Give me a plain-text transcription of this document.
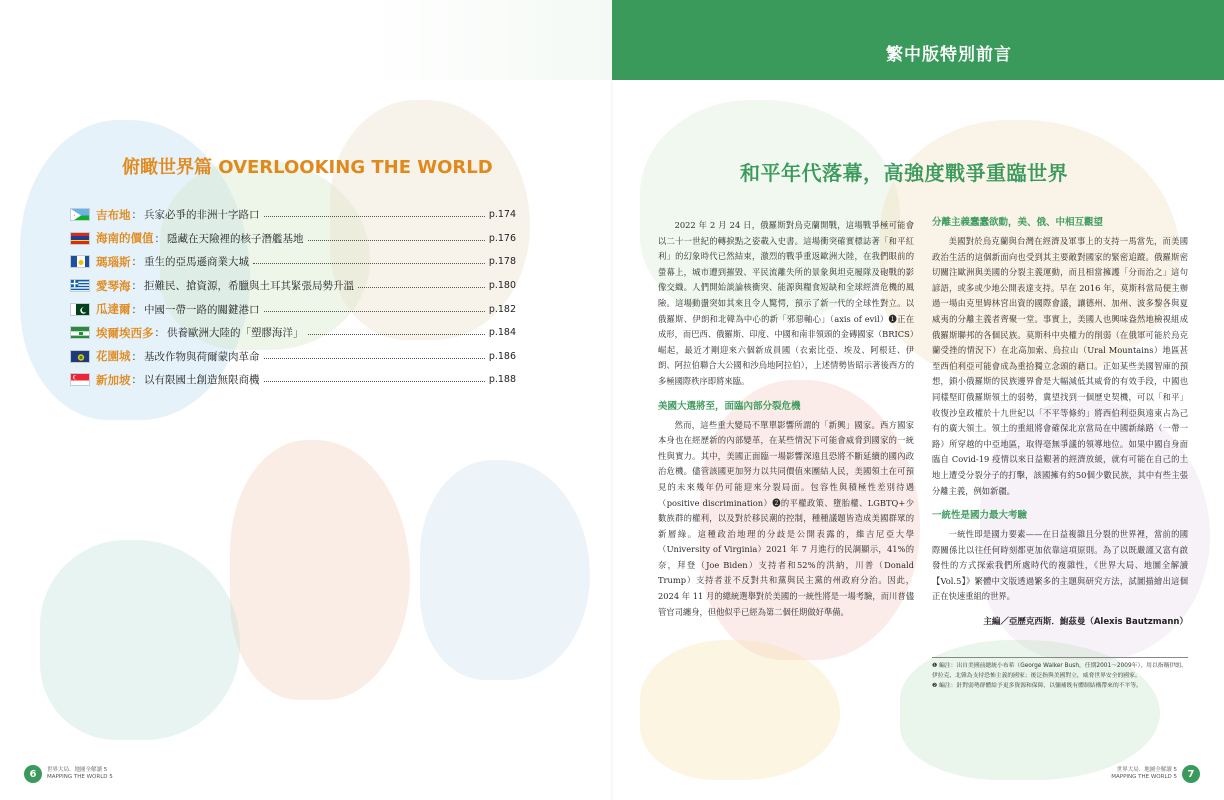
繁中版特別前言
俯瞰世界篇 OVERLOOKING THE WORLD
吉布地 ： 兵家必爭的非洲十字路口	p.174
海南的價值 ： 隱藏在天險裡的核子潛艦基地	p.176
瑪瑙斯 ： 重生的亞馬遜商業大城	p.178
愛琴海 ： 拒難民、搶資源，希臘與土耳其緊張局勢升溫	p.180
瓜達爾 ： 中國一帶一路的關鍵港口	p.182
埃爾埃西多 ： 供養歐洲大陸的「塑膠海洋」	p.184
花園城 ： 基改作物與荷爾蒙肉革命	p.186
新加坡 ： 以有限國土創造無限商機	p.188
6	世界大局．地圖全解讀 5
MAPPING THE WORLD 5
和平年代落幕，高強度戰爭重臨世界

2022 年 2 月 24 日，俄羅斯對烏克蘭開戰，這場戰爭極可能會以二十一世紀的轉捩點之姿載入史書。這場衝突確實標誌著「和平紅利」的幻象時代已然結束，激烈的戰爭重返歐洲大陸，在我們眼前的螢幕上，城市遭到摧毀、平民流離失所的景象與坦克履隊及砲戰的影像交織。人們開始談論核衝突、能源與糧食短缺和全球經濟危機的風險。這場動盪突如其來且令人驚愕，預示了新一代的全球性對立。以俄羅斯、伊朗和北韓為中心的新「邪惡軸心」（axis of evil）❶正在成形，而巴西、俄羅斯、印度、中國和南非領頭的金磚國家（BRICS）崛起，最近才剛迎來六個新成員國（衣索比亞、埃及、阿根廷、伊朗、阿拉伯聯合大公國和沙烏地阿拉伯），上述情勢皆昭示著後西方的多極國際秩序即將來臨。

美國大選將至，面臨內部分裂危機

然而，這些重大變局不單單影響所謂的「新興」國家。西方國家本身也在經歷新的內部變革，在某些情況下可能會威脅到國家的一統性與實力。其中，美國正面臨一場影響深遠且恐將不斷延續的國內政治危機。儘管該國更加努力以共同價值來團結人民，美國領土在可預見的未來幾年仍可能迎來分裂局面。包容性與積極性差別待遇（positive discrimination）❷的平權政策、墮胎權、LGBTQ+少數族群的權利，以及對於移民潮的控制，種種議題皆造成美國群眾的新層綠。這種政治地理的分歧是公開表露的，維吉尼亞大學（University of Virginia）2021 年 7 月進行的民調顯示，41%的奈，拜登（Joe Biden）支持者和52%的洪納，川普（Donald Trump）支持者並不反對共和黨與民主黨的州政府分治。因此，2024 年 11 月的總統選舉對於美國的一統性將是一場考驗，而川普儘管官司纏身，但他似乎已經為第二個任期做好準備。

分離主義蠢蠢欲動，美、俄、中相互觀望

美國對於烏克蘭與台灣在經濟及軍事上的支持一馬當先，而美國政治生活的這個新面向也受到其主要敵對國家的緊密追蹤。俄羅斯密切關注歐洲與美國的分裂主義運動，而且相當擁護「分而治之」這句諺語，或多或少地公開表達支持。早在 2016 年，莫斯科當局便主辦過一場由克里姆林宮出資的國際會議，讓德州、加州、波多黎各與夏威夷的分離主義者齊聚一堂。事實上，美國人也興味盎然地檢視組成俄羅斯聯邦的各個民族。莫斯科中央權力的削弱（在俄軍可能於烏克蘭受挫的情況下）在北高加索、烏拉山（Ural Mountains）地區甚至西伯利亞可能會成為重拾獨立念頭的藉口。正如某些美國智庫的預想，鎖小俄羅斯的民族邊界會是大幅減低其威脅的有效手段，中國也同樣堅盯俄羅斯領土的弱勢，冀望找到一個歷史契機，可以「和平」收復沙皇政權於十九世紀以「不平等條約」將西伯利亞與遠東占為己有的廣大領土。領土的重組將會確保北京當局在中國新絲路（一帶一路）所穿越的中亞地區，取得毫無爭議的領導地位。如果中國自身面臨自 Covid-19 疫情以來日益艱著的經濟放緩，就有可能在自己的土地上遭受分裂分子的打擊，該國擁有約50個少數民族，其中有些主張分離主義，例如新疆。

一統性是國力最大考驗

一統性即是國力要素——在日益複雜且分裂的世界裡，當前的國際關係比以往任何時刻都更加依靠這項原則。為了以既嚴謹又富有啟發性的方式探索我們所處時代的複雜性，《世界大局、地圖全解讀【Vol.5】》繁體中文版透過繁多的主題與研究方法，試圖描繪出這個正在快速重組的世界。

主編／亞歷克西斯．鮑茲曼（Alexis Bautzmann）
❶ 編注：出自美國前總統小布希（George Walker Bush，任期2001～2009年），用以指稱伊朗、伊拉克、北韓為支持恐怖主義的國家；後泛指與美國對立，威脅世界安全的國家。
❷ 編注：針對弱勢群體給予更多資源和保障，以彌補既有體制結構帶來的不平等。
世界大局．地圖全解讀 5
MAPPING THE WORLD 5	7
